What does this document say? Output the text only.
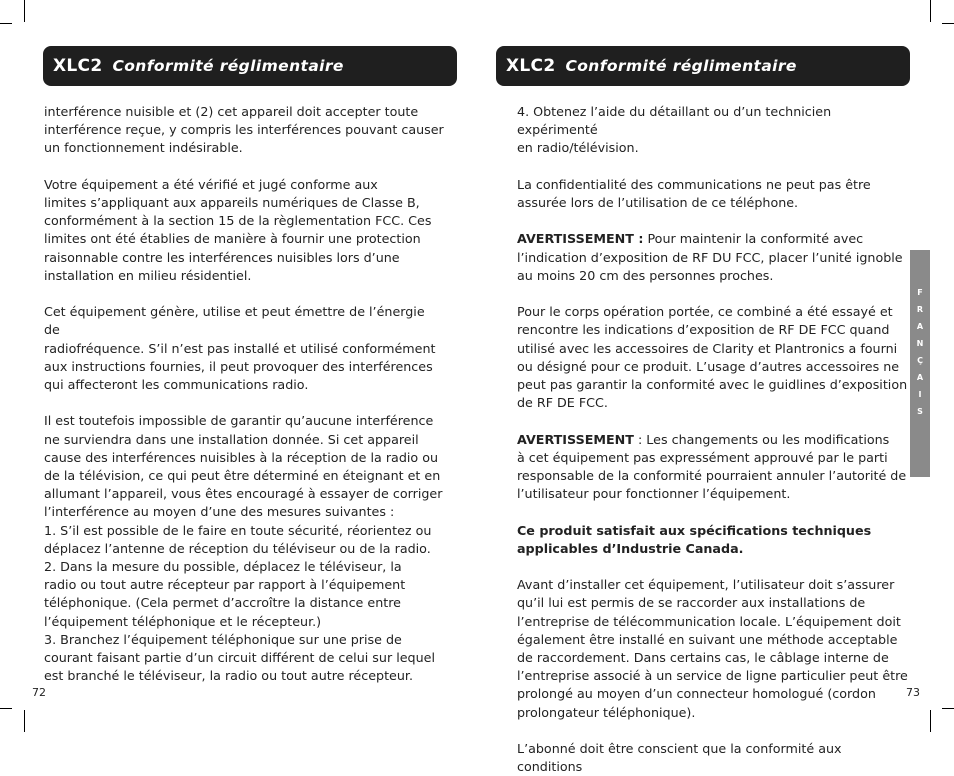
XLC2 Conformité réglimentaire	XLC2 Conformité réglimentaire

interférence nuisible et (2) cet appareil doit accepter toute

interférence reçue, y compris les interférences pouvant causer

un fonctionnement indésirable.

Votre équipement a été vérifié et jugé conforme aux

limites s’appliquant aux appareils numériques de Classe B,

conformément à la section 15 de la règlementation FCC. Ces

limites ont été établies de manière à fournir une protection

raisonnable contre les interférences nuisibles lors d’une

installation en milieu résidentiel.

Cet équipement génère, utilise et peut émettre de l’énergie de

radiofréquence. S’il n’est pas installé et utilisé conformément

aux instructions fournies, il peut provoquer des interférences

qui affecteront les communications radio.

Il est toutefois impossible de garantir qu’aucune interférence

ne surviendra dans une installation donnée. Si cet appareil

cause des interférences nuisibles à la réception de la radio ou

de la télévision, ce qui peut être déterminé en éteignant et en

allumant l’appareil, vous êtes encouragé à essayer de corriger

l’interférence au moyen d’une des mesures suivantes :

1. S’il est possible de le faire en toute sécurité, réorientez ou

déplacez l’antenne de réception du téléviseur ou de la radio.

2. Dans la mesure du possible, déplacez le téléviseur, la

radio ou tout autre récepteur par rapport à l’équipement

téléphonique. (Cela permet d’accroître la distance entre

l’équipement téléphonique et le récepteur.)

3. Branchez l’équipement téléphonique sur une prise de

courant faisant partie d’un circuit différent de celui sur lequel

est branché le téléviseur, la radio ou tout autre récepteur.

4. Obtenez l’aide du détaillant ou d’un technicien expérimenté

en radio/télévision.

La confidentialité des communications ne peut pas être

assurée lors de l’utilisation de ce téléphone.

AVERTISSEMENT : Pour maintenir la conformité avec

l’indication d’exposition de RF DU FCC, placer l’unité ignoble

au moins 20 cm des personnes proches.

Pour le corps opération portée, ce combiné a été essayé et

rencontre les indications d’exposition de RF DE FCC quand

utilisé avec les accessoires de Clarity et Plantronics a fourni

ou désigné pour ce produit. L’usage d’autres accessoires ne

peut pas garantir la conformité avec le guidlines d’exposition

de RF DE FCC.

AVERTISSEMENT : Les changements ou les modifications

à cet équipement pas expressément approuvé par le parti

responsable de la conformité pourraient annuler l’autorité de

l’utilisateur pour fonctionner l’équipement.

Ce produit satisfait aux spécifications techniques

applicables d’Industrie Canada.

Avant d’installer cet équipement, l’utilisateur doit s’assurer

qu’il lui est permis de se raccorder aux installations de

l’entreprise de télécommunication locale. L’équipement doit

également être installé en suivant une méthode acceptable

de raccordement. Dans certains cas, le câblage interne de

l’entreprise associé à un service de ligne particulier peut être

prolongé au moyen d’un connecteur homologué (cordon

prolongateur téléphonique).

L’abonné doit être conscient que la conformité aux conditions

72	73
F
R
A
N
Ç
A
I
S
